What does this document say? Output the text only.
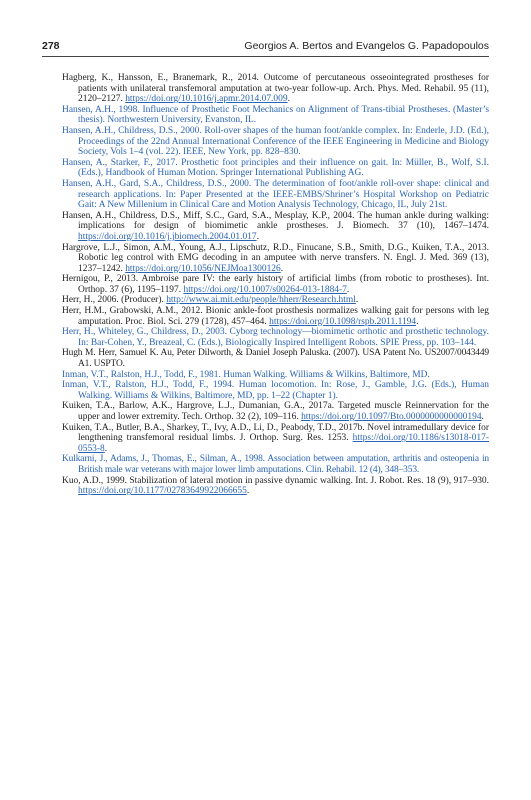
278	Georgios A. Bertos and Evangelos G. Papadopoulos

Hagberg, K., Hansson, E., Branemark, R., 2014. Outcome of percutaneous osseointegrated prostheses for patients with unilateral transfemoral amputation at two-year follow-up. Arch. Phys. Med. Rehabil. 95 (11), 2120–2127. https://doi.org/10.1016/j.apmr.2014.07.009.

Hansen, A.H., 1998. Influence of Prosthetic Foot Mechanics on Alignment of Trans-tibial Prostheses. (Master’s thesis). Northwestern University, Evanston, IL.

Hansen, A.H., Childress, D.S., 2000. Roll-over shapes of the human foot/ankle complex. In: Enderle, J.D. (Ed.), Proceedings of the 22nd Annual International Conference of the IEEE Engineering in Medicine and Biology Society, Vols 1–4 (vol. 22). IEEE, New York, pp. 828–830.

Hansen, A., Starker, F., 2017. Prosthetic foot principles and their influence on gait. In: Müller, B., Wolf, S.I. (Eds.), Handbook of Human Motion. Springer International Publishing AG.

Hansen, A.H., Gard, S.A., Childress, D.S., 2000. The determination of foot/ankle roll-over shape: clinical and research applications. In: Paper Presented at the IEEE-EMBS/Shriner’s Hospital Workshop on Pediatric Gait: A New Millenium in Clinical Care and Motion Analysis Technology, Chicago, IL, July 21st.

Hansen, A.H., Childress, D.S., Miff, S.C., Gard, S.A., Mesplay, K.P., 2004. The human ankle during walking: implications for design of biomimetic ankle prostheses. J. Biomech. 37 (10), 1467–1474. https://doi.org/10.1016/j.jbiomech.2004.01.017.

Hargrove, L.J., Simon, A.M., Young, A.J., Lipschutz, R.D., Finucane, S.B., Smith, D.G., Kuiken, T.A., 2013. Robotic leg control with EMG decoding in an amputee with nerve transfers. N. Engl. J. Med. 369 (13), 1237–1242. https://doi.org/10.1056/NEJMoa1300126.

Hernigou, P., 2013. Ambroise pare IV: the early history of artificial limbs (from robotic to prostheses). Int. Orthop. 37 (6), 1195–1197. https://doi.org/10.1007/s00264-013-1884-7.

Herr, H., 2006. (Producer). http://www.ai.mit.edu/people/hherr/Research.html.

Herr, H.M., Grabowski, A.M., 2012. Bionic ankle-foot prosthesis normalizes walking gait for persons with leg amputation. Proc. Biol. Sci. 279 (1728), 457–464. https://doi.org/10.1098/rspb.2011.1194.

Herr, H., Whiteley, G., Childress, D., 2003. Cyborg technology—biomimetic orthotic and prosthetic technology. In: Bar-Cohen, Y., Breazeal, C. (Eds.), Biologically Inspired Intelligent Robots. SPIE Press, pp. 103–144.

Hugh M. Herr, Samuel K. Au, Peter Dilworth, & Daniel Joseph Paluska. (2007). USA Patent No. US2007/0043449 A1. USPTO.

Inman, V.T., Ralston, H.J., Todd, F., 1981. Human Walking. Williams & Wilkins, Baltimore, MD.

Inman, V.T., Ralston, H.J., Todd, F., 1994. Human locomotion. In: Rose, J., Gamble, J.G. (Eds.), Human Walking. Williams & Wilkins, Baltimore, MD, pp. 1–22 (Chapter 1).

Kuiken, T.A., Barlow, A.K., Hargrove, L.J., Dumanian, G.A., 2017a. Targeted muscle Reinnervation for the upper and lower extremity. Tech. Orthop. 32 (2), 109–116. https://doi.org/10.1097/Bto.0000000000000194.

Kuiken, T.A., Butler, B.A., Sharkey, T., Ivy, A.D., Li, D., Peabody, T.D., 2017b. Novel intramedullary device for lengthening transfemoral residual limbs. J. Orthop. Surg. Res. 1253. https://doi.org/10.1186/s13018-017-0553-8.

Kulkarni, J., Adams, J., Thomas, E., Silman, A., 1998. Association between amputation, arthritis and osteopenia in British male war veterans with major lower limb amputations. Clin. Rehabil. 12 (4), 348–353.

Kuo, A.D., 1999. Stabilization of lateral motion in passive dynamic walking. Int. J. Robot. Res. 18 (9), 917–930. https://doi.org/10.1177/02783649922066655.
